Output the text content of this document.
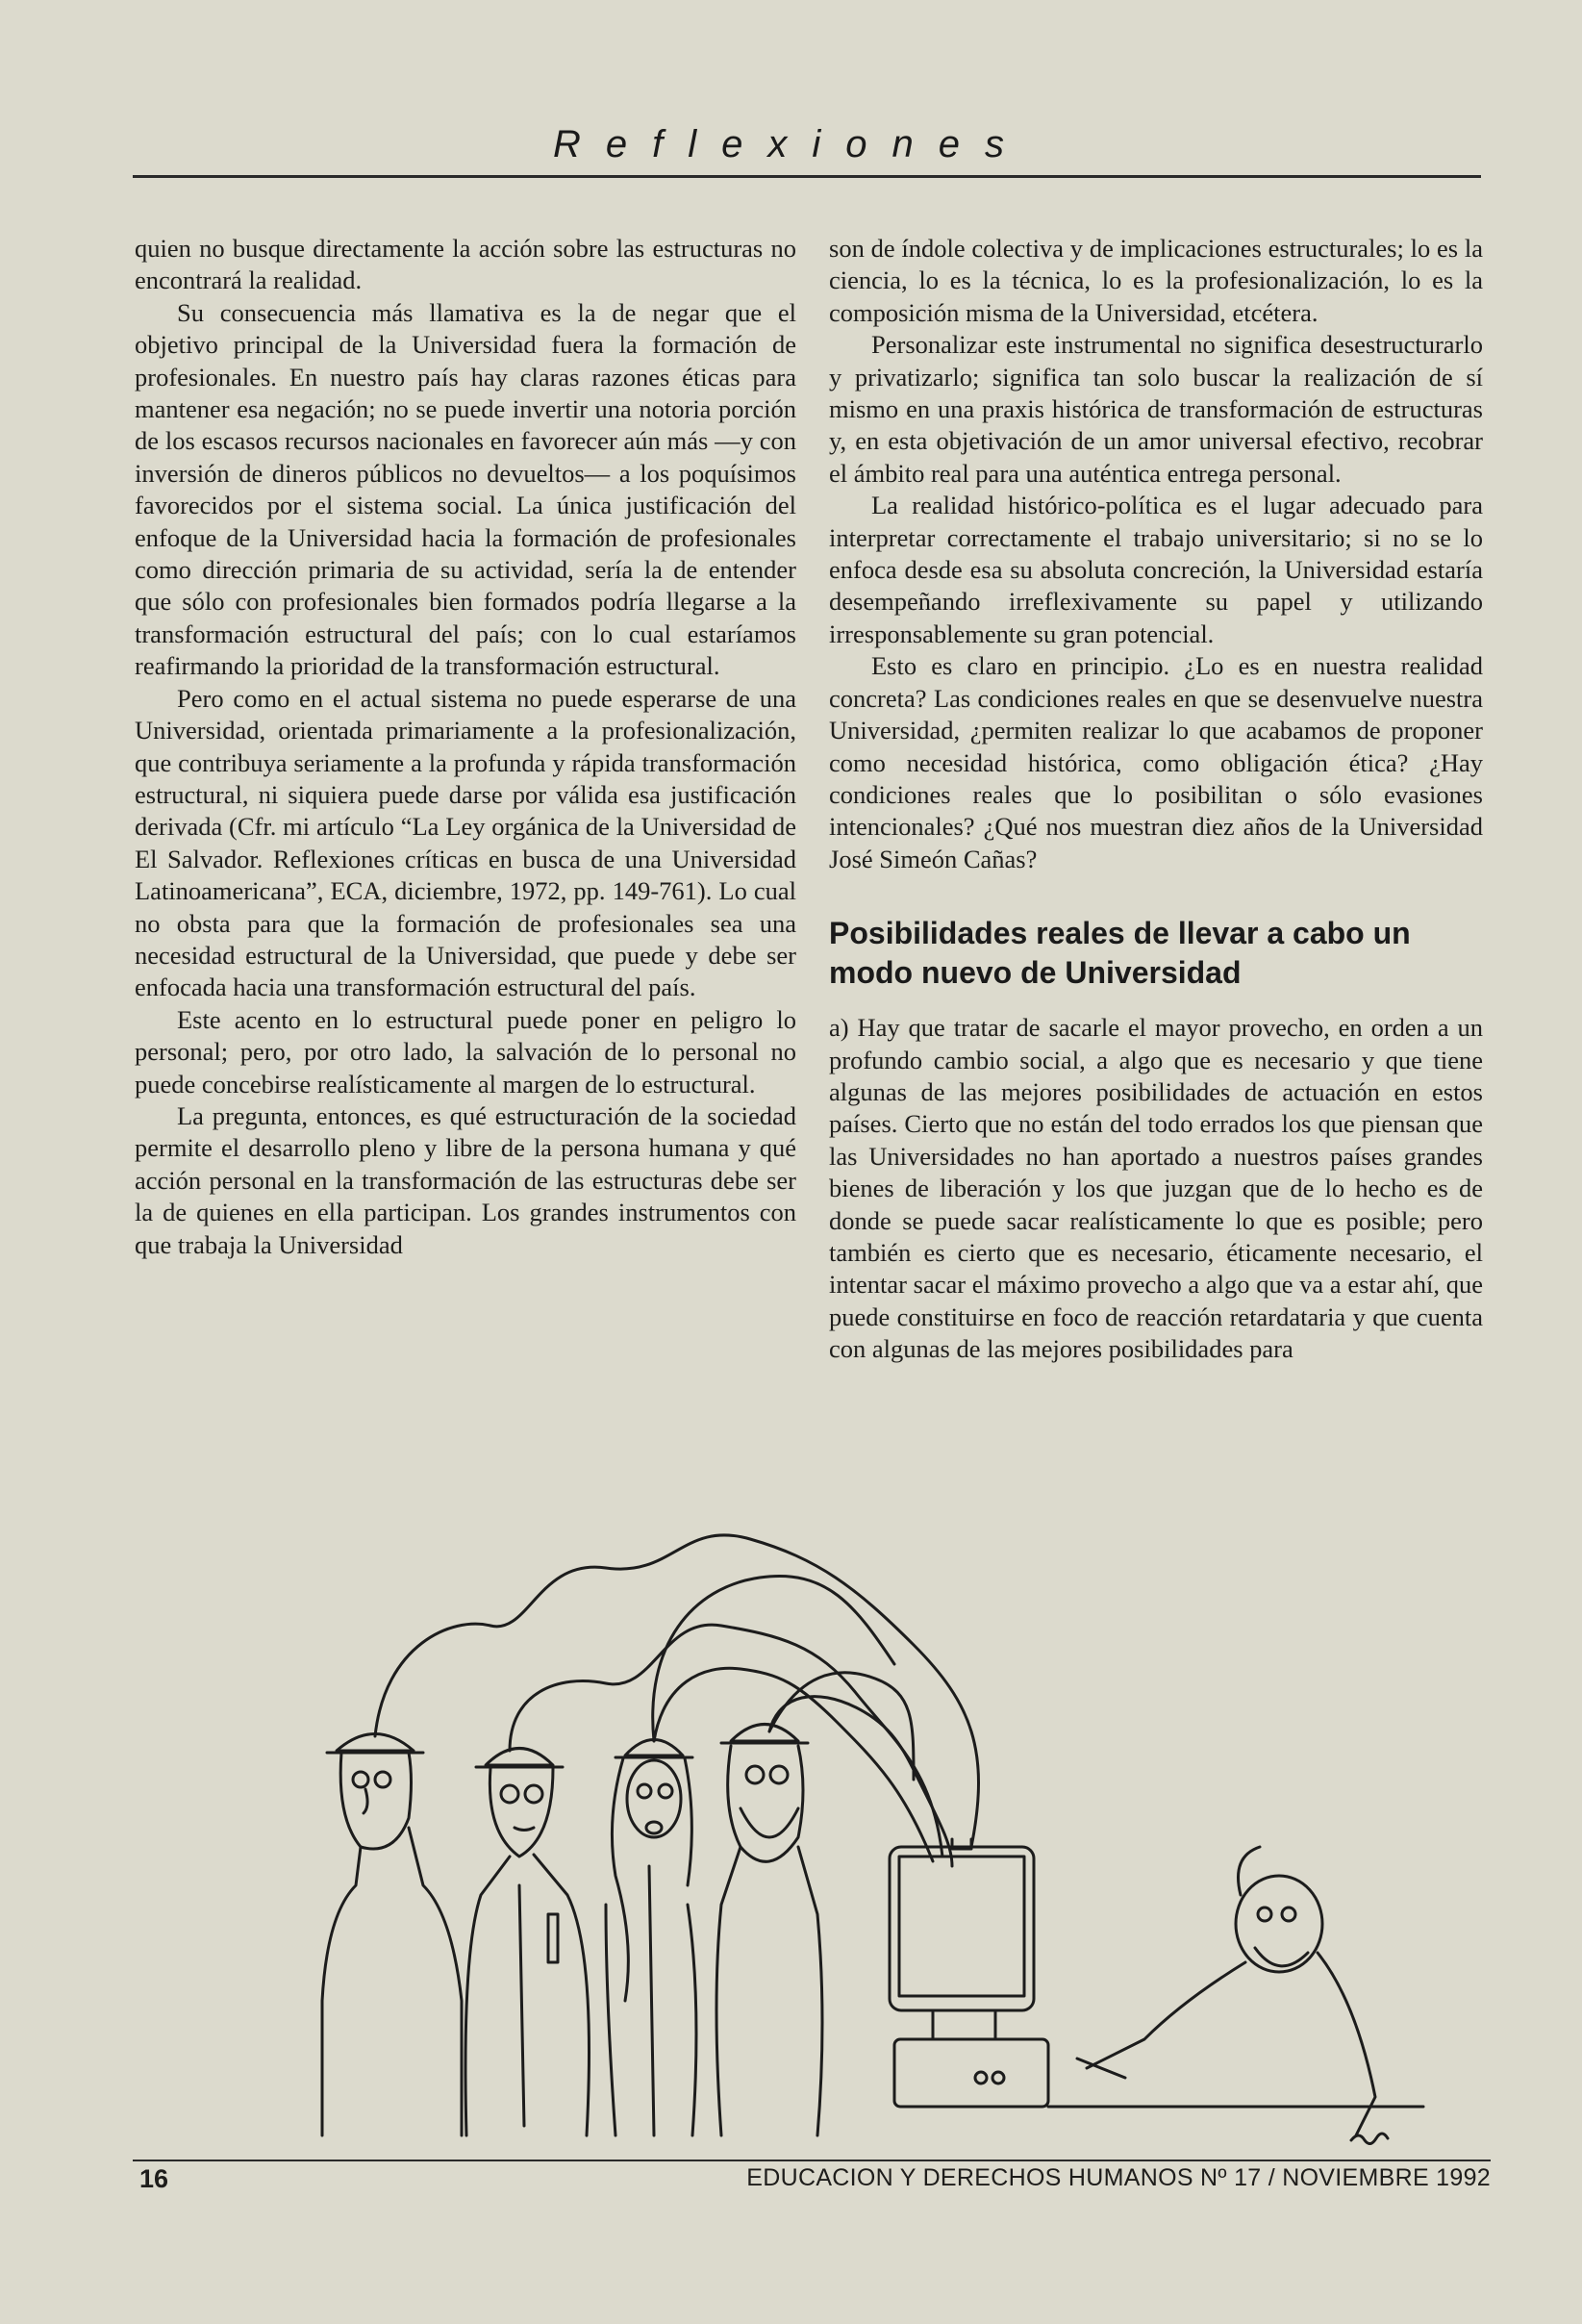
Reflexiones

quien no busque directamente la acción sobre las estructuras no encontrará la realidad.

Su consecuencia más llamativa es la de negar que el objetivo principal de la Universidad fuera la formación de profesionales. En nuestro país hay claras razones éticas para mantener esa negación; no se puede invertir una notoria porción de los escasos recursos nacionales en favorecer aún más —y con inversión de dineros públicos no devueltos— a los poquísimos favorecidos por el sistema social. La única justificación del enfoque de la Universidad hacia la formación de profesionales como dirección primaria de su actividad, sería la de entender que sólo con profesionales bien formados podría llegarse a la transformación estructural del país; con lo cual estaríamos reafirmando la prioridad de la transformación estructural.

Pero como en el actual sistema no puede esperarse de una Universidad, orientada primariamente a la profesionalización, que contribuya seriamente a la profunda y rápida transformación estructural, ni siquiera puede darse por válida esa justificación derivada (Cfr. mi artículo “La Ley orgánica de la Universidad de El Salvador. Reflexiones críticas en busca de una Universidad Latinoamericana”, ECA, diciembre, 1972, pp. 149-761). Lo cual no obsta para que la formación de profesionales sea una necesidad estructural de la Universidad, que puede y debe ser enfocada hacia una transformación estructural del país.

Este acento en lo estructural puede poner en peligro lo personal; pero, por otro lado, la salvación de lo personal no puede concebirse realísticamente al margen de lo estructural.

La pregunta, entonces, es qué estructuración de la sociedad permite el desarrollo pleno y libre de la persona humana y qué acción personal en la transformación de las estructuras debe ser la de quienes en ella participan. Los grandes instrumentos con que trabaja la Universidad

son de índole colectiva y de implicaciones estructurales; lo es la ciencia, lo es la técnica, lo es la profesionalización, lo es la composición misma de la Universidad, etcétera.

Personalizar este instrumental no significa desestructurarlo y privatizarlo; significa tan solo buscar la realización de sí mismo en una praxis histórica de transformación de estructuras y, en esta objetivación de un amor universal efectivo, recobrar el ámbito real para una auténtica entrega personal.

La realidad histórico-política es el lugar adecuado para interpretar correctamente el trabajo universitario; si no se lo enfoca desde esa su absoluta concreción, la Universidad estaría desempeñando irreflexivamente su papel y utilizando irresponsablemente su gran potencial.

Esto es claro en principio. ¿Lo es en nuestra realidad concreta? Las condiciones reales en que se desenvuelve nuestra Universidad, ¿permiten realizar lo que acabamos de proponer como necesidad histórica, como obligación ética? ¿Hay condiciones reales que lo posibilitan o sólo evasiones intencionales? ¿Qué nos muestran diez años de la Universidad José Simeón Cañas?

Posibilidades reales de llevar a cabo un modo nuevo de Universidad

a) Hay que tratar de sacarle el mayor provecho, en orden a un profundo cambio social, a algo que es necesario y que tiene algunas de las mejores posibilidades de actuación en estos países. Cierto que no están del todo errados los que piensan que las Universidades no han aportado a nuestros países grandes bienes de liberación y los que juzgan que de lo hecho es de donde se puede sacar realísticamente lo que es posible; pero también es cierto que es necesario, éticamente necesario, el intentar sacar el máximo provecho a algo que va a estar ahí, que puede constituirse en foco de reacción retardataria y que cuenta con algunas de las mejores posibilidades para

16	EDUCACION Y DERECHOS HUMANOS Nº 17 / NOVIEMBRE 1992
